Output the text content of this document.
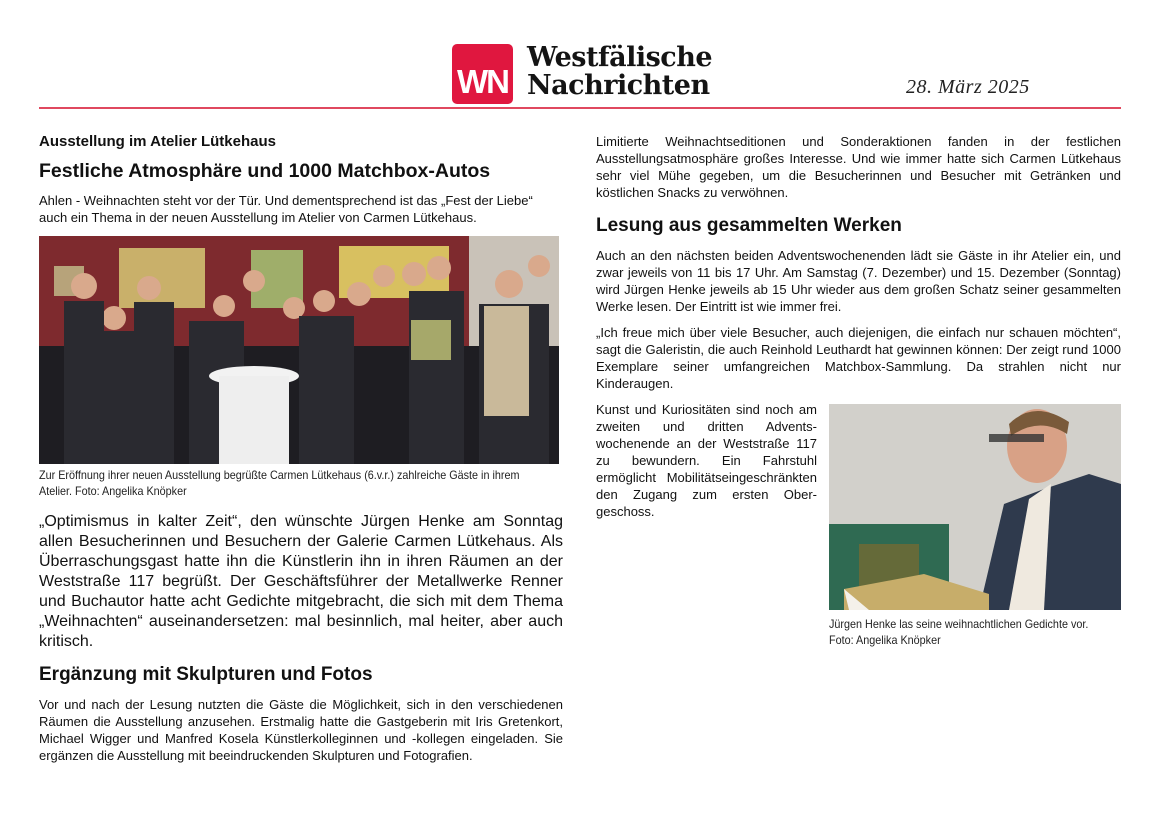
WN
Westfälische
Nachrichten	28. März 2025
Ausstellung im Atelier Lütkehaus
Festliche Atmosphäre und 1000 Matchbox-Autos
Ahlen - Weihnachten steht vor der Tür. Und dementsprechend ist das „Fest der Liebe“ auch ein Thema in der neuen Ausstellung im Atelier von Carmen Lütkehaus.
Zur Eröffnung ihrer neuen Ausstellung begrüßte Carmen Lütkehaus (6.v.r.) zahlreiche Gäste in ihrem
Atelier. Foto: Angelika Knöpker
„Optimismus in kalter Zeit“, den wünschte Jürgen Henke am Sonntag allen Besucherinnen und Besuchern der Galerie Carmen Lütkehaus. Als Überraschungsgast hatte ihn die Künstlerin ihn in ihren Räumen an der Weststraße 117 begrüßt. Der Geschäftsführer der Metallwerke Renner und Buchautor hatte acht Gedichte mitgebracht, die sich mit dem Thema „Weihnachten“ auseinandersetzen: mal besinnlich, mal heiter, aber auch kritisch.
Ergänzung mit Skulpturen und Fotos
Vor und nach der Lesung nutzten die Gäste die Möglichkeit, sich in den verschiedenen Räumen die Ausstellung anzusehen. Erstmalig hatte die Gastgeberin mit Iris Gretenkort, Michael Wigger und Manfred Kosela Künstlerkolleginnen und -kollegen eingeladen. Sie ergänzen die Ausstellung mit beeindruckenden Skulpturen und Fotografien.
Limitierte Weihnachtseditionen und Sonderaktionen fanden in der festlichen Ausstellungsatmosphäre großes Interesse. Und wie immer hatte sich Carmen Lütkehaus sehr viel Mühe gegeben, um die Besucherinnen und Besucher mit Getränken und köstlichen Snacks zu verwöhnen.
Lesung aus gesammelten Werken
Auch an den nächsten beiden Adventswochenenden lädt sie Gäste in ihr Atelier ein, und zwar jeweils von 11 bis 17 Uhr. Am Samstag (7. Dezember) und 15. Dezember (Sonntag) wird Jürgen Henke jeweils ab 15 Uhr wieder aus dem großen Schatz seiner gesammelten Werke lesen. Der Eintritt ist wie immer frei.
„Ich freue mich über viele Besucher, auch diejenigen, die einfach nur schauen möchten“, sagt die Galeristin, die auch Reinhold Leuthardt hat gewinnen können: Der zeigt rund 1000 Exemplare seiner umfangreichen Matchbox-Sammlung. Da strahlen nicht nur Kinderaugen.
Kunst und Kuriositäten sind noch am zweiten und dritten Advents-wochenende an der Weststraße 117 zu bewundern. Ein Fahrstuhl ermöglicht Mobilitätseingeschränkten den Zugang zum ersten Ober-geschoss.
Jürgen Henke las seine weihnachtlichen Gedichte vor.
Foto: Angelika Knöpker
